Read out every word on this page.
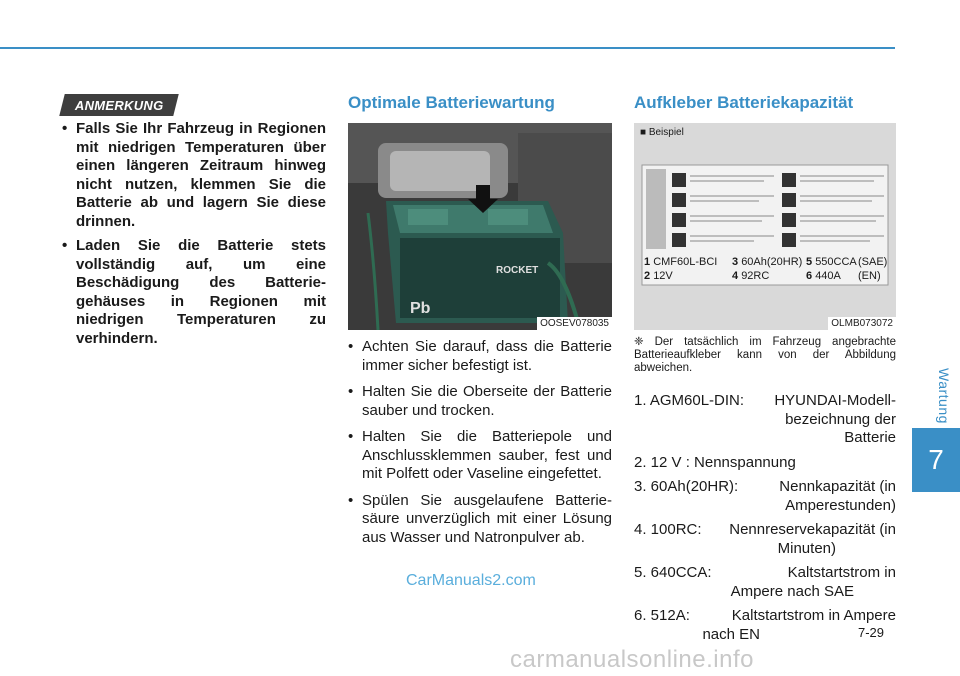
Wartung
7
ANMERKUNG
• Falls Sie Ihr Fahrzeug in Regionen mit niedrigen Temperaturen über einen längeren Zeitraum hinweg nicht nutzen, klemmen Sie die Batterie ab und lagern Sie diese drinnen.
• Laden Sie die Batterie stets vollständig auf, um eine Beschädigung des Batterie-gehäuses in Regionen mit niedrigen Temperaturen zu verhindern.
Optimale Batteriewartung
ROCKET
Pb
OOSEV078035
• Achten Sie darauf, dass die Batterie immer sicher befestigt ist.
• Halten Sie die Oberseite der Batterie sauber und trocken.
• Halten Sie die Batteriepole und Anschlussklemmen sauber, fest und mit Polfett oder Vaseline eingefettet.
• Spülen Sie ausgelaufene Batterie-säure unverzüglich mit einer Lösung aus Wasser und Natronpulver ab.
Aufkleber Batteriekapazität
■ Beispiel
1 CMF60L-BCI	3 60Ah(20HR) 5 550CCA (SAE)
2 12V	4 92RC	6 440A	(EN)
OLMB073072
❈ Der tatsächlich im Fahrzeug angebrachte Batterieaufkleber kann von der Abbildung abweichen.
1. AGM60L-DIN: HYUNDAI-Modell-
bezeichnung der
Batterie
2. 12 V : Nennspannung
3. 60Ah(20HR):	Nennkapazität (in
Amperestunden)
4. 100RC: Nennreservekapazität (in
Minuten)
5. 640CCA:	Kaltstartstrom in
Ampere nach SAE
6. 512A:	Kaltstartstrom in Ampere
nach EN
CarManuals2.com
7-29
carmanualsonline.info
